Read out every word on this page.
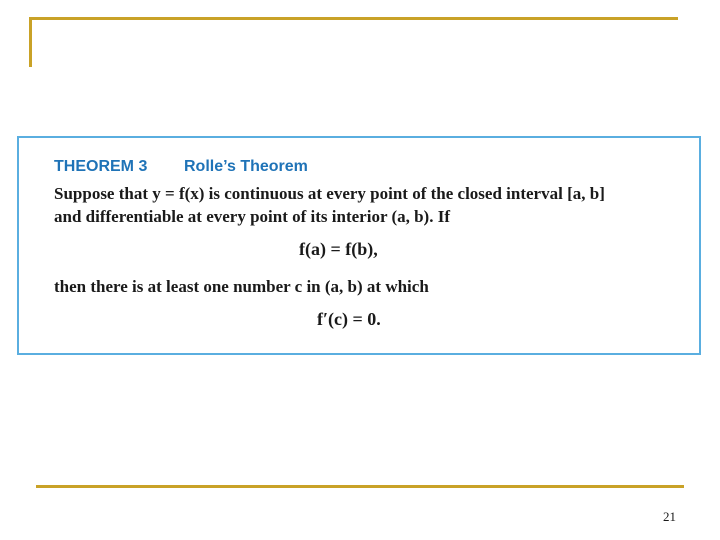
THEOREM 3 Rolle’s Theorem
Suppose that y = f(x) is continuous at every point of the closed interval [a, b]
and differentiable at every point of its interior (a, b). If
f(a) = f(b),
then there is at least one number c in (a, b) at which
f′(c) = 0.
21
